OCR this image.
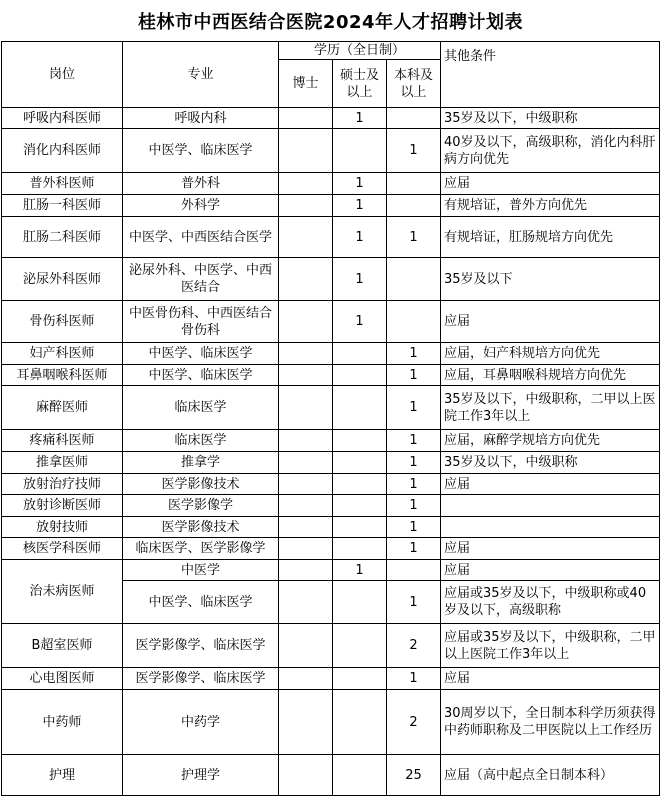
桂林市中西医结合医院2024年人才招聘计划表
岗位	专业	学历（全日制）			其他条件
		博士	硕士及以上	本科及以上	
呼吸内科医师	呼吸内科		1		35岁及以下，中级职称
消化内科医师	中医学、临床医学			1	40岁及以下，高级职称，消化内科肝病方向优先
普外科医师	普外科		1		应届
肛肠一科医师	外科学		1		有规培证，普外方向优先
肛肠二科医师	中医学、中西医结合医学		1	1	有规培证，肛肠规培方向优先
泌尿外科医师	泌尿外科、中医学、中西医结合		1		35岁及以下
骨伤科医师	中医骨伤科、中西医结合骨伤科		1		应届
妇产科医师	中医学、临床医学			1	应届，妇产科规培方向优先
耳鼻咽喉科医师	中医学、临床医学			1	应届，耳鼻咽喉科规培方向优先
麻醉医师	临床医学			1	35岁及以下，中级职称，二甲以上医院工作3年以上
疼痛科医师	临床医学			1	应届，麻醉学规培方向优先
推拿医师	推拿学			1	35岁及以下，中级职称
放射治疗技师	医学影像技术			1	应届
放射诊断医师	医学影像学			1	
放射技师	医学影像技术			1	
核医学科医师	临床医学、医学影像学			1	应届
治未病医师	中医学		1		应届
	中医学、临床医学			1	应届或35岁及以下，中级职称或40岁及以下，高级职称
B超室医师	医学影像学、临床医学			2	应届或35岁及以下，中级职称，二甲以上医院工作3年以上
心电图医师	医学影像学、临床医学			1	应届
中药师	中药学			2	30周岁以下，全日制本科学历须获得中药师职称及二甲医院以上工作经历
护理	护理学			25	应届（高中起点全日制本科）
